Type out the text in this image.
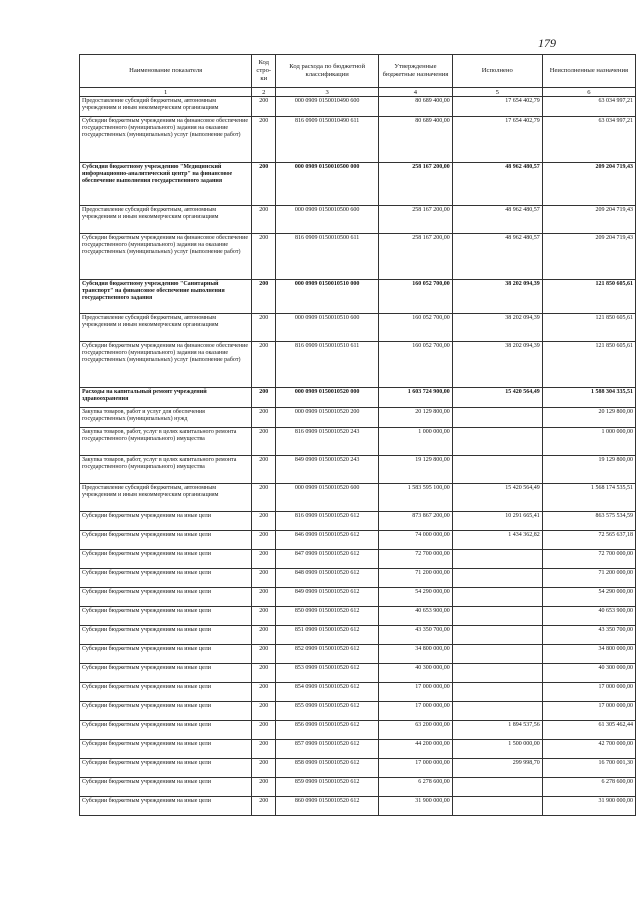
179
Наименование показателя	Код стро-ки	Код расхода по бюджетной классификации	Утвержденные бюджетные назначения	Исполнено	Неисполненные назначения
1	2	3	4	5	6
Предоставление субсидий бюджетным, автономным учреждениям и иным некоммерческим организациям	200	000 0909 0150010490 600	80 689 400,00	17 654 402,79	63 034 997,21
Субсидии бюджетным учреждениям на финансовое обеспечение государственного (муниципального) задания на оказание государственных (муниципальных) услуг (выполнение работ)	200	816 0909 0150010490 611	80 689 400,00	17 654 402,79	63 034 997,21
Субсидия бюджетному учреждению "Медицинский информационно-аналитический центр" на финансовое обеспечение выполнения государственного задания	200	000 0909 0150010500 000	258 167 200,00	48 962 480,57	209 204 719,43
Предоставление субсидий бюджетным, автономным учреждениям и иным некоммерческим организациям	200	000 0909 0150010500 600	258 167 200,00	48 962 480,57	209 204 719,43
Субсидии бюджетным учреждениям на финансовое обеспечение государственного (муниципального) задания на оказание государственных (муниципальных) услуг (выполнение работ)	200	816 0909 0150010500 611	258 167 200,00	48 962 480,57	209 204 719,43
Субсидия бюджетному учреждению "Санитарный транспорт" на финансовое обеспечение выполнения государственного задания	200	000 0909 0150010510 000	160 052 700,00	38 202 094,39	121 850 605,61
Предоставление субсидий бюджетным, автономным учреждениям и иным некоммерческим организациям	200	000 0909 0150010510 600	160 052 700,00	38 202 094,39	121 850 605,61
Субсидии бюджетным учреждениям на финансовое обеспечение государственного (муниципального) задания на оказание государственных (муниципальных) услуг (выполнение работ)	200	816 0909 0150010510 611	160 052 700,00	38 202 094,39	121 850 605,61
Расходы на капитальный ремонт учреждений здравоохранения	200	000 0909 0150010520 000	1 603 724 900,00	15 420 564,49	1 588 304 335,51
Закупка товаров, работ и услуг для обеспечения государственных (муниципальных) нужд	200	000 0909 0150010520 200	20 129 800,00		20 129 800,00
Закупка товаров, работ, услуг в целях капитального ремонта государственного (муниципального) имущества	200	816 0909 0150010520 243	1 000 000,00		1 000 000,00
Закупка товаров, работ, услуг в целях капитального ремонта государственного (муниципального) имущества	200	849 0909 0150010520 243	19 129 800,00		19 129 800,00
Предоставление субсидий бюджетным, автономным учреждениям и иным некоммерческим организациям	200	000 0909 0150010520 600	1 583 595 100,00	15 420 564,49	1 568 174 535,51
Субсидии бюджетным учреждениям на иные цели	200	816 0909 0150010520 612	873 867 200,00	10 291 665,41	863 575 534,59
Субсидии бюджетным учреждениям на иные цели	200	846 0909 0150010520 612	74 000 000,00	1 434 362,82	72 565 637,18
Субсидии бюджетным учреждениям на иные цели	200	847 0909 0150010520 612	72 700 000,00		72 700 000,00
Субсидии бюджетным учреждениям на иные цели	200	848 0909 0150010520 612	71 200 000,00		71 200 000,00
Субсидии бюджетным учреждениям на иные цели	200	849 0909 0150010520 612	54 290 000,00		54 290 000,00
Субсидии бюджетным учреждениям на иные цели	200	850 0909 0150010520 612	40 653 900,00		40 653 900,00
Субсидии бюджетным учреждениям на иные цели	200	851 0909 0150010520 612	43 350 700,00		43 350 700,00
Субсидии бюджетным учреждениям на иные цели	200	852 0909 0150010520 612	34 800 000,00		34 800 000,00
Субсидии бюджетным учреждениям на иные цели	200	853 0909 0150010520 612	40 300 000,00		40 300 000,00
Субсидии бюджетным учреждениям на иные цели	200	854 0909 0150010520 612	17 000 000,00		17 000 000,00
Субсидии бюджетным учреждениям на иные цели	200	855 0909 0150010520 612	17 000 000,00		17 000 000,00
Субсидии бюджетным учреждениям на иные цели	200	856 0909 0150010520 612	63 200 000,00	1 894 537,56	61 305 462,44
Субсидии бюджетным учреждениям на иные цели	200	857 0909 0150010520 612	44 200 000,00	1 500 000,00	42 700 000,00
Субсидии бюджетным учреждениям на иные цели	200	858 0909 0150010520 612	17 000 000,00	299 998,70	16 700 001,30
Субсидии бюджетным учреждениям на иные цели	200	859 0909 0150010520 612	6 278 600,00		6 278 600,00
Субсидии бюджетным учреждениям на иные цели	200	860 0909 0150010520 612	31 900 000,00		31 900 000,00
